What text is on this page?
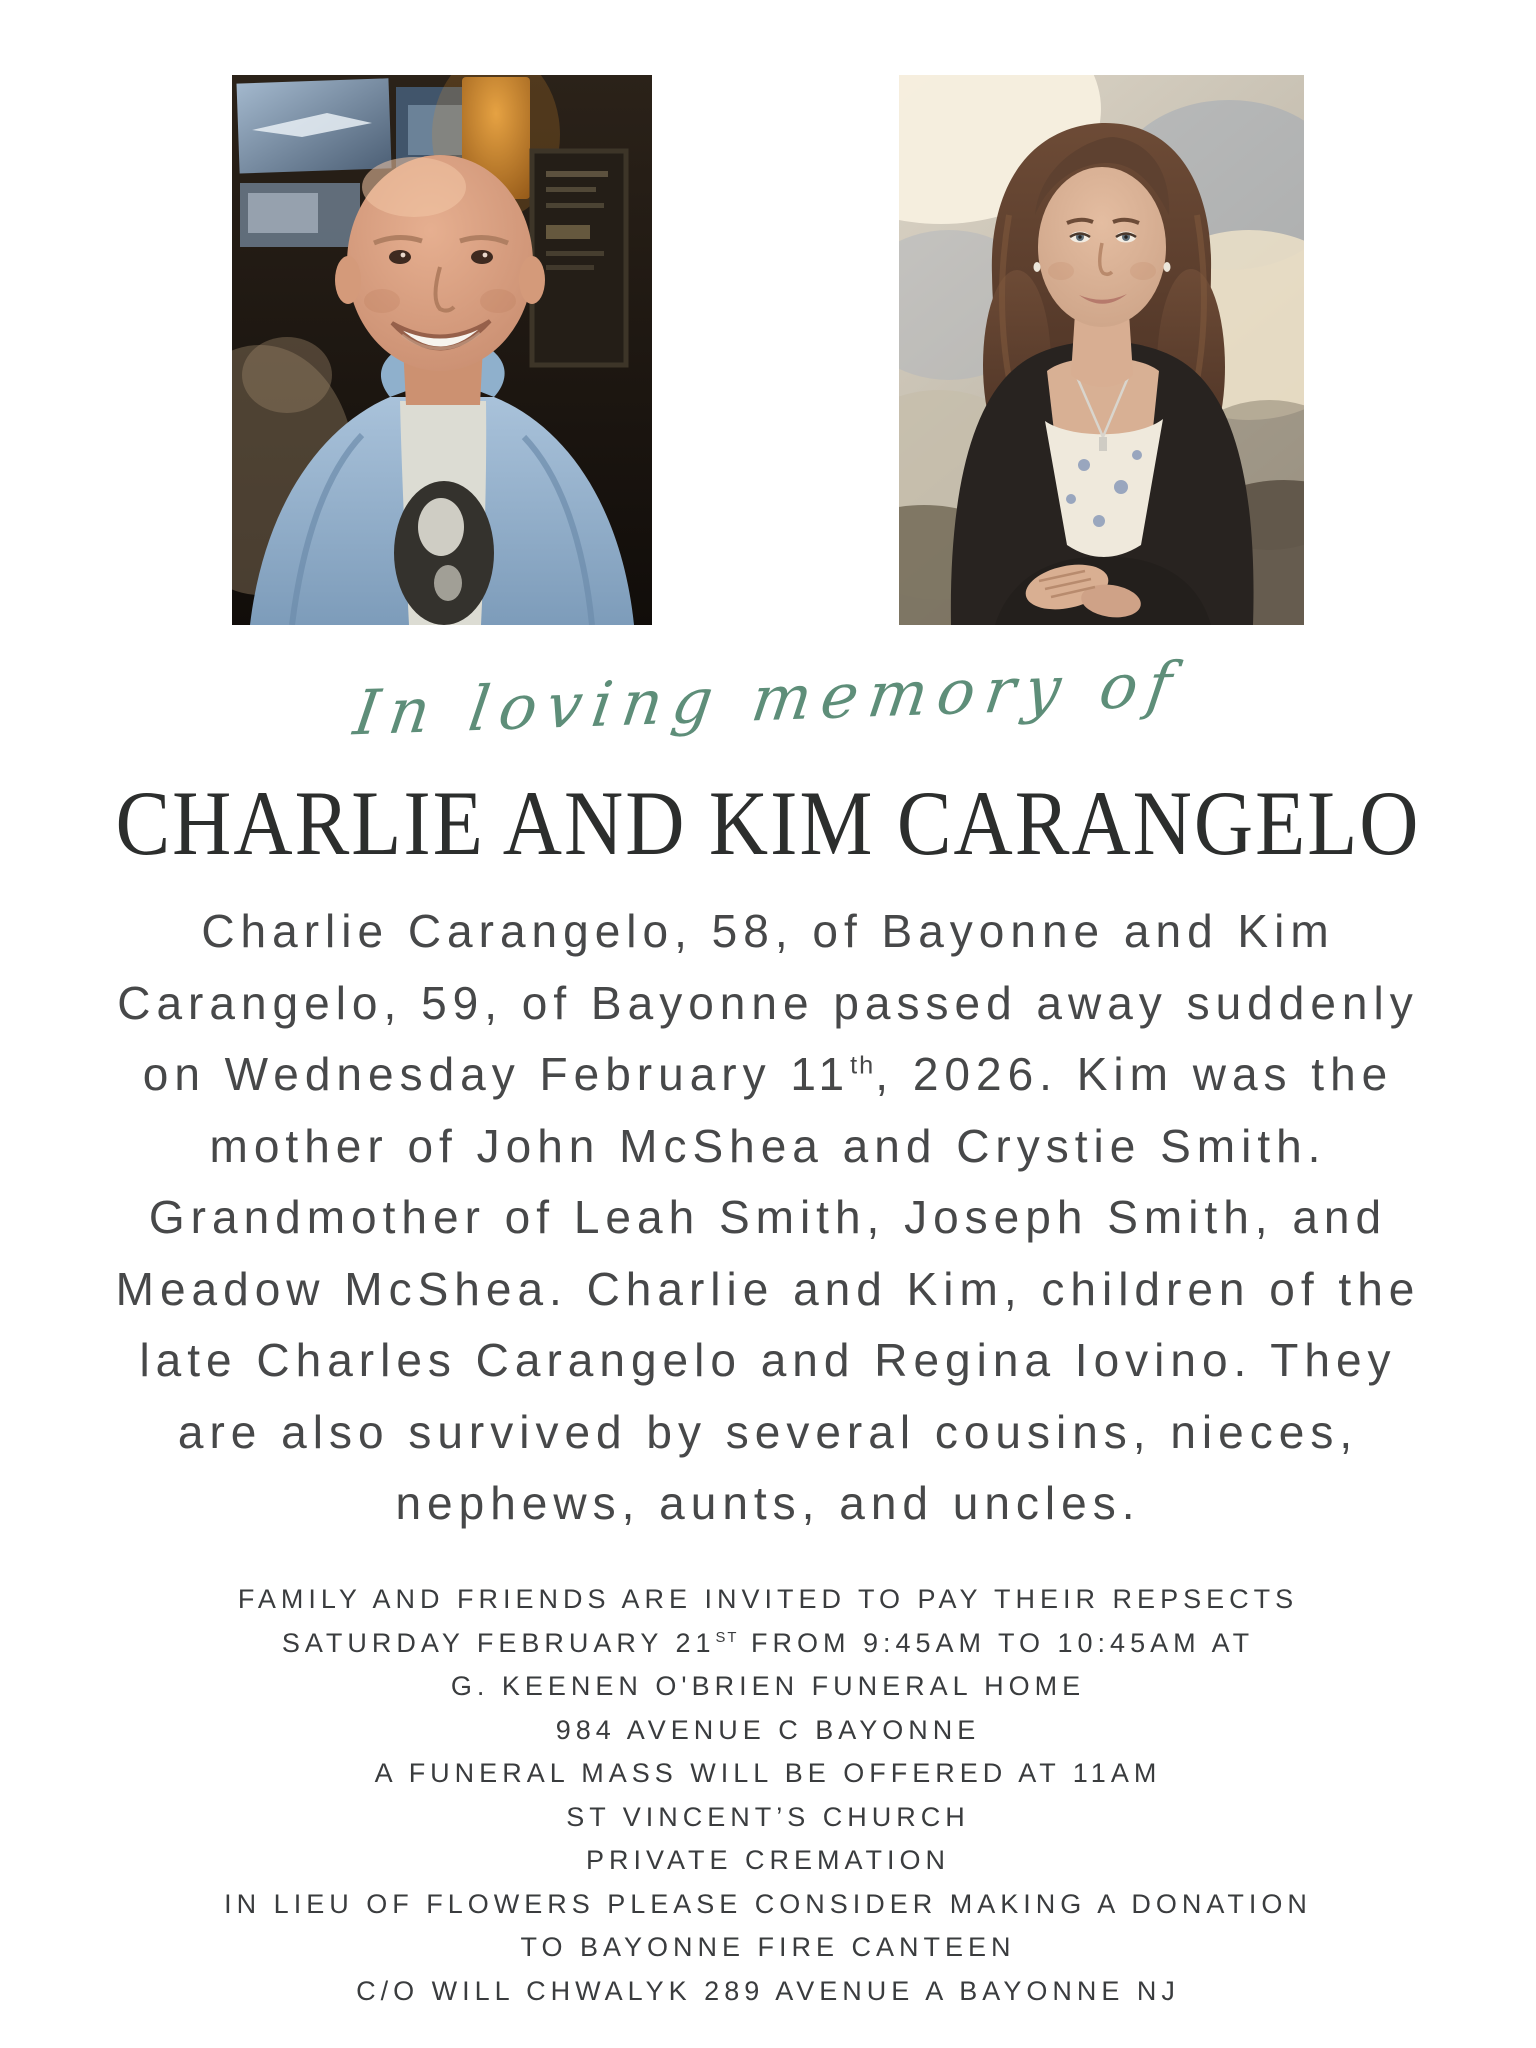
In loving memory of
CHARLIE AND KIM CARANGELO
Charlie Carangelo, 58, of Bayonne and Kim
Carangelo, 59, of Bayonne passed away suddenly
on Wednesday February 11th, 2026. Kim was the
mother of John McShea and Crystie Smith.
Grandmother of Leah Smith, Joseph Smith, and
Meadow McShea. Charlie and Kim, children of the
late Charles Carangelo and Regina Iovino. They
are also survived by several cousins, nieces,
nephews, aunts, and uncles.
FAMILY AND FRIENDS ARE INVITED TO PAY THEIR REPSECTS
SATURDAY FEBRUARY 21ST FROM 9:45AM TO 10:45AM AT
G. KEENEN O'BRIEN FUNERAL HOME
984 AVENUE C BAYONNE
A FUNERAL MASS WILL BE OFFERED AT 11AM
ST VINCENT’S CHURCH
PRIVATE CREMATION
IN LIEU OF FLOWERS PLEASE CONSIDER MAKING A DONATION
TO BAYONNE FIRE CANTEEN
C/O WILL CHWALYK 289 AVENUE A BAYONNE NJ
